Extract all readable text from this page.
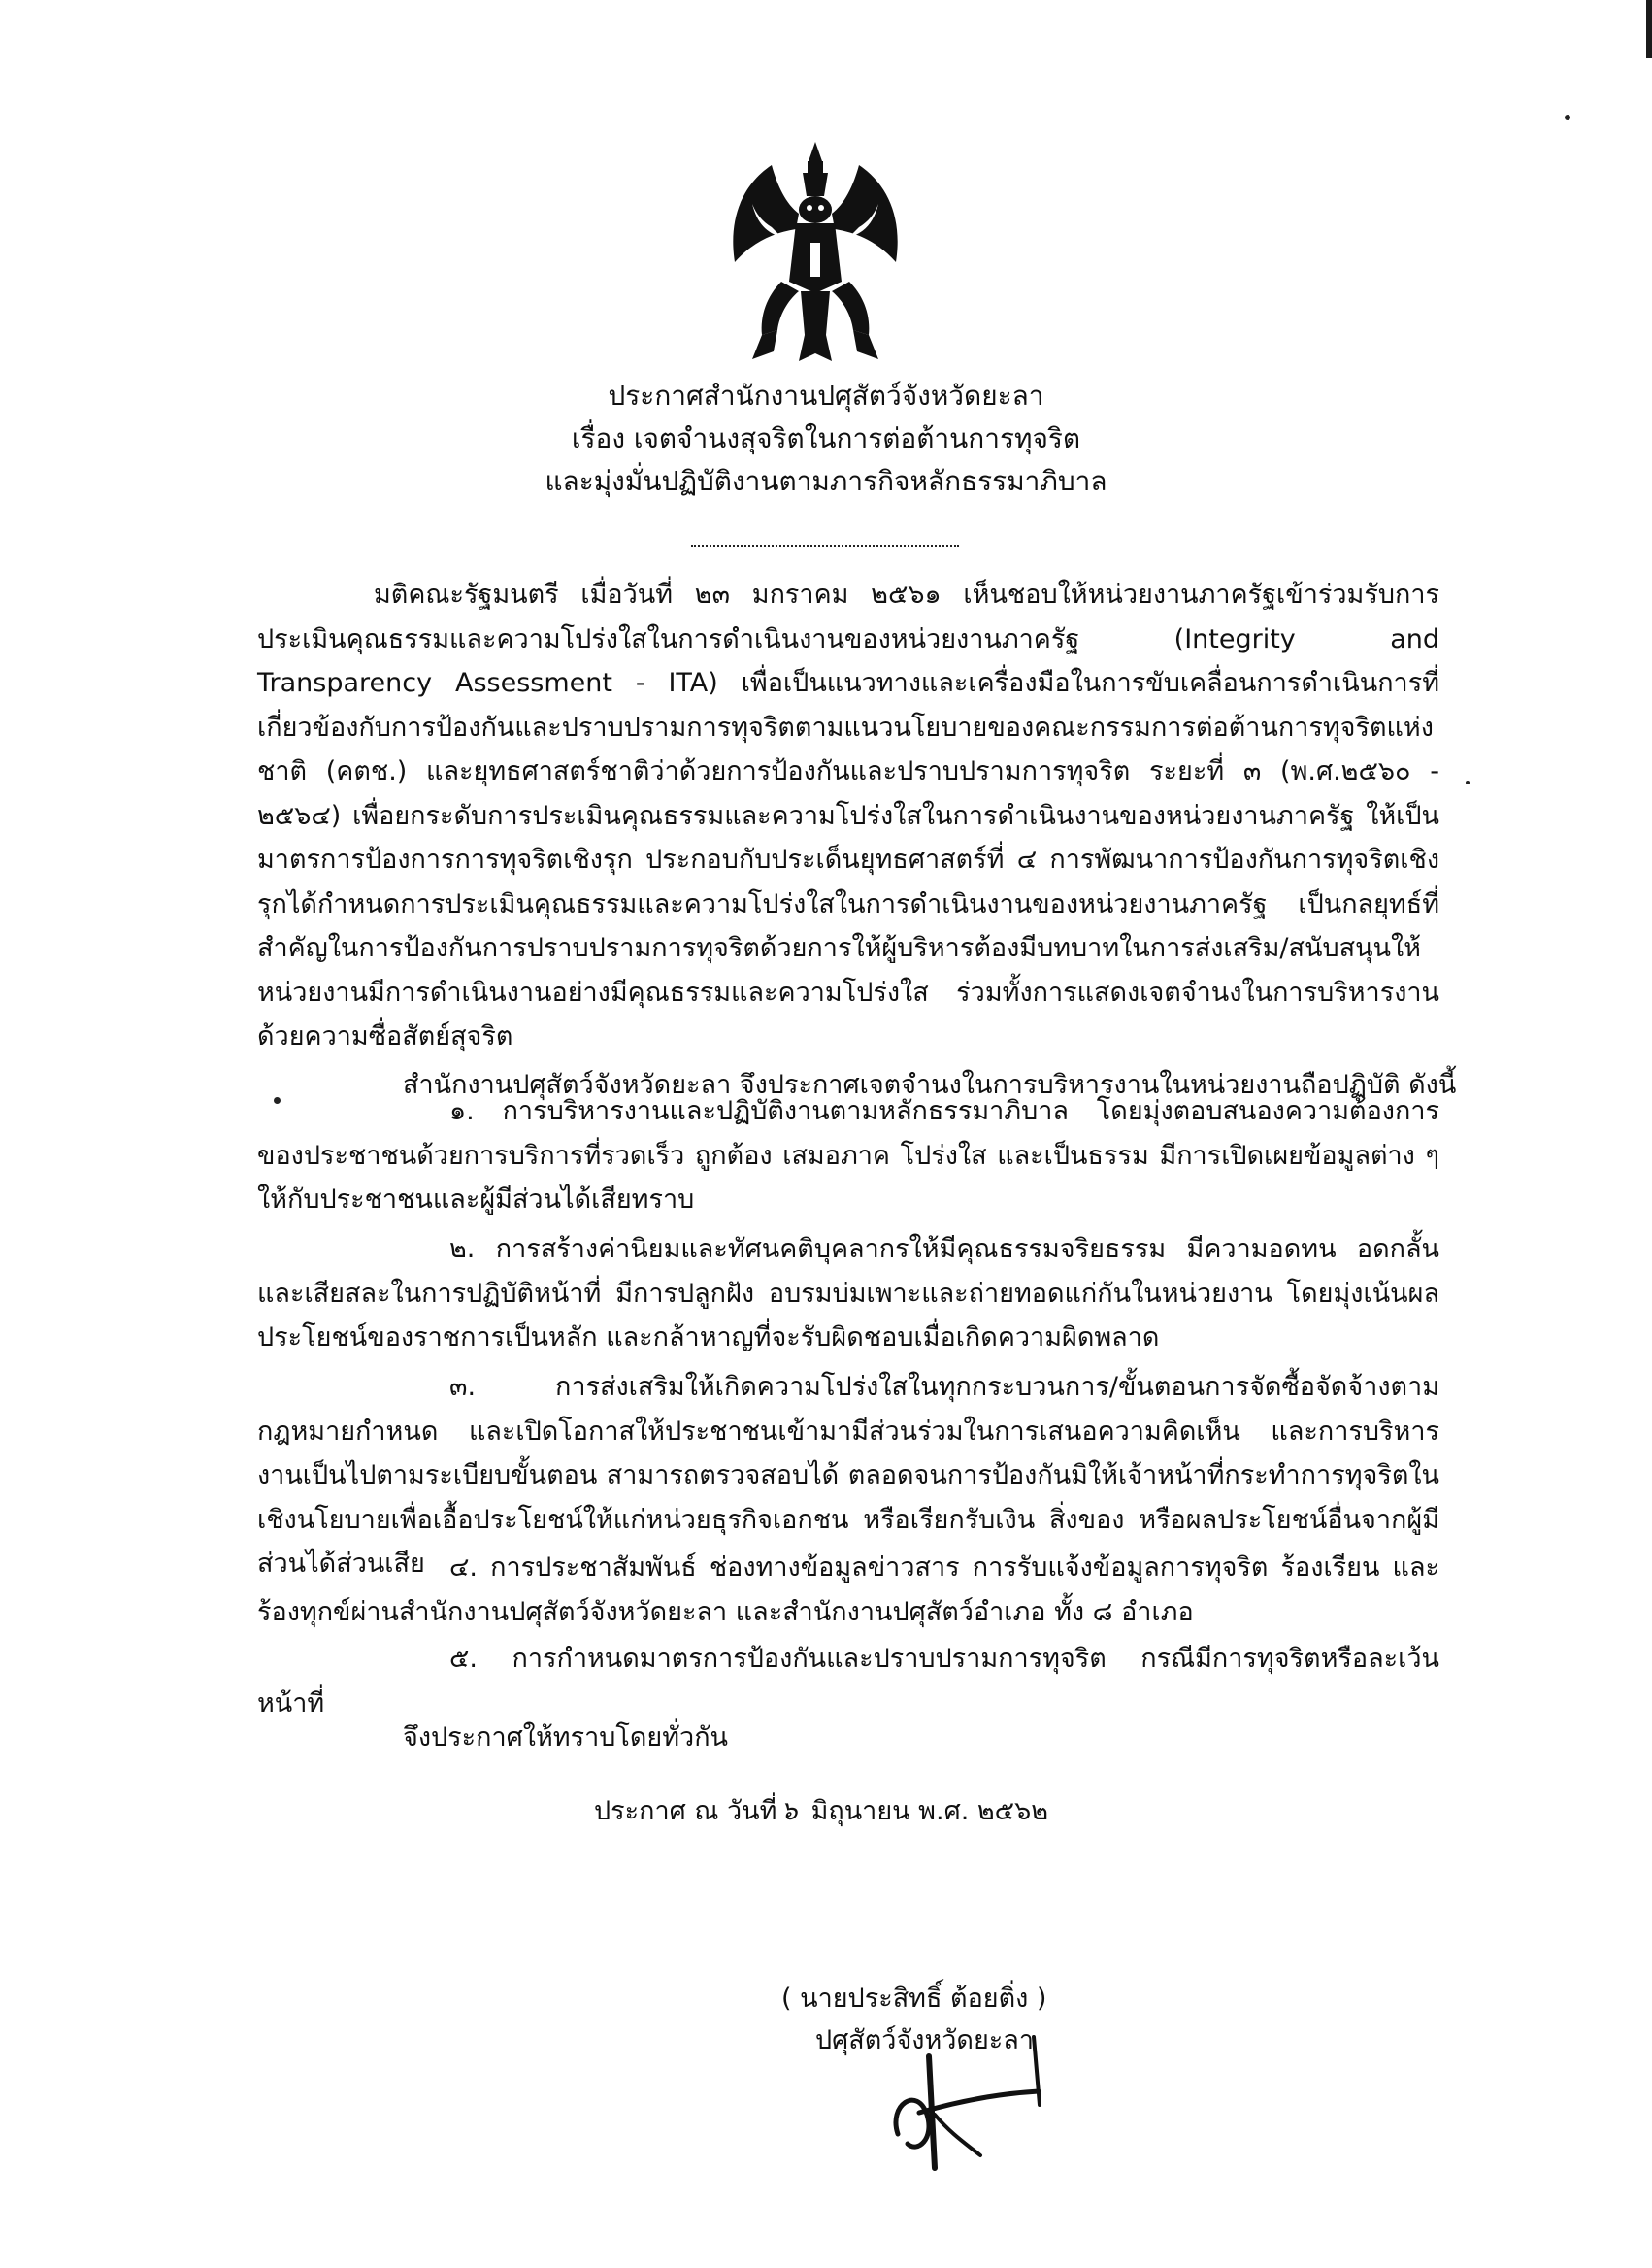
ประกาศสำนักงานปศุสัตว์จังหวัดยะลา
เรื่อง เจตจำนงสุจริตในการต่อต้านการทุจริต
และมุ่งมั่นปฏิบัติงานตามภารกิจหลักธรรมาภิบาล
มติคณะรัฐมนตรี เมื่อวันที่ ๒๓ มกราคม ๒๕๖๑ เห็นชอบให้หน่วยงานภาครัฐเข้าร่วมรับการประเมินคุณธรรมและความโปร่งใสในการดำเนินงานของหน่วยงานภาครัฐ (Integrity and Transparency Assessment - ITA) เพื่อเป็นแนวทางและเครื่องมือในการขับเคลื่อนการดำเนินการที่เกี่ยวข้องกับการป้องกันและปราบปรามการทุจริตตามแนวนโยบายของคณะกรรมการต่อต้านการทุจริตแห่งชาติ (คตช.) และยุทธศาสตร์ชาติว่าด้วยการป้องกันและปราบปรามการทุจริต ระยะที่ ๓ (พ.ศ.๒๕๖๐ - ๒๕๖๔) เพื่อยกระดับการประเมินคุณธรรมและความโปร่งใสในการดำเนินงานของหน่วยงานภาครัฐ ให้เป็นมาตรการป้องการการทุจริตเชิงรุก ประกอบกับประเด็นยุทธศาสตร์ที่ ๔ การพัฒนาการป้องกันการทุจริตเชิงรุกได้กำหนดการประเมินคุณธรรมและความโปร่งใสในการดำเนินงานของหน่วยงานภาครัฐ เป็นกลยุทธ์ที่สำคัญในการป้องกันการปราบปรามการทุจริตด้วยการให้ผู้บริหารต้องมีบทบาทในการส่งเสริม/สนับสนุนให้หน่วยงานมีการดำเนินงานอย่างมีคุณธรรมและความโปร่งใส ร่วมทั้งการแสดงเจตจำนงในการบริหารงานด้วยความซื่อสัตย์สุจริต
สำนักงานปศุสัตว์จังหวัดยะลา จึงประกาศเจตจำนงในการบริหารงานในหน่วยงานถือปฏิบัติ ดังนี้
๑. การบริหารงานและปฏิบัติงานตามหลักธรรมาภิบาล โดยมุ่งตอบสนองความต้องการของประชาชนด้วยการบริการที่รวดเร็ว ถูกต้อง เสมอภาค โปร่งใส และเป็นธรรม มีการเปิดเผยข้อมูลต่าง ๆ ให้กับประชาชนและผู้มีส่วนได้เสียทราบ
๒. การสร้างค่านิยมและทัศนคติบุคลากรให้มีคุณธรรมจริยธรรม มีความอดทน อดกลั้น และเสียสละในการปฏิบัติหน้าที่ มีการปลูกฝัง อบรมบ่มเพาะและถ่ายทอดแก่กันในหน่วยงาน โดยมุ่งเน้นผลประโยชน์ของราชการเป็นหลัก และกล้าหาญที่จะรับผิดชอบเมื่อเกิดความผิดพลาด
๓. การส่งเสริมให้เกิดความโปร่งใสในทุกกระบวนการ/ขั้นตอนการจัดซื้อจัดจ้างตามกฎหมายกำหนด และเปิดโอกาสให้ประชาชนเข้ามามีส่วนร่วมในการเสนอความคิดเห็น และการบริหารงานเป็นไปตามระเบียบขั้นตอน สามารถตรวจสอบได้ ตลอดจนการป้องกันมิให้เจ้าหน้าที่กระทำการทุจริตในเชิงนโยบายเพื่อเอื้อประโยชน์ให้แก่หน่วยธุรกิจเอกชน หรือเรียกรับเงิน สิ่งของ หรือผลประโยชน์อื่นจากผู้มีส่วนได้ส่วนเสีย ๔. การประชาสัมพันธ์ ช่องทางข้อมูลข่าวสาร การรับแจ้งข้อมูลการทุจริต ร้องเรียน และร้องทุกข์ผ่านสำนักงานปศุสัตว์จังหวัดยะลา และสำนักงานปศุสัตว์อำเภอ ทั้ง ๘ อำเภอ
๕. การกำหนดมาตรการป้องกันและปราบปรามการทุจริต กรณีมีการทุจริตหรือละเว้นหน้าที่
จึงประกาศให้ทราบโดยทั่วกัน
ประกาศ ณ วันที่ ๖ มิถุนายน พ.ศ. ๒๕๖๒
( นายประสิทธิ์ ต้อยติ่ง )
ปศุสัตว์จังหวัดยะลา
